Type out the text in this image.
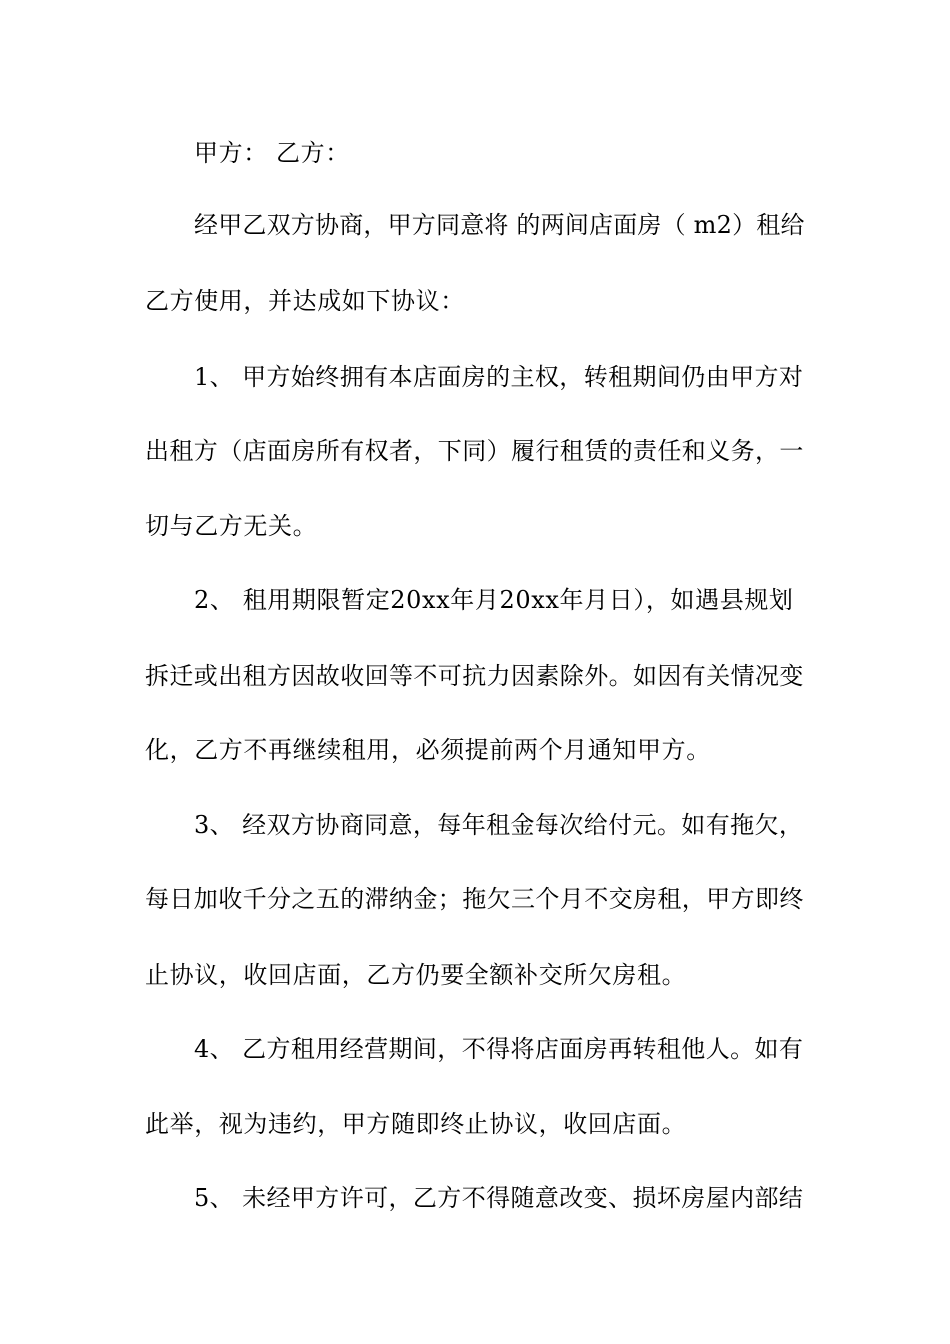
甲方： 乙方：
经甲乙双方协商，甲方同意将 的两间店面房（ m2）租给
乙方使用，并达成如下协议：
1、 甲方始终拥有本店面房的主权，转租期间仍由甲方对
出租方（店面房所有权者，下同）履行租赁的责任和义务，一
切与乙方无关。
2、 租用期限暂定20xx年月20xx年月日），如遇县规划
拆迁或出租方因故收回等不可抗力因素除外。如因有关情况变
化，乙方不再继续租用，必须提前两个月通知甲方。
3、 经双方协商同意，每年租金每次给付元。如有拖欠，
每日加收千分之五的滞纳金；拖欠三个月不交房租，甲方即终
止协议，收回店面，乙方仍要全额补交所欠房租。
4、 乙方租用经营期间，不得将店面房再转租他人。如有
此举，视为违约，甲方随即终止协议，收回店面。
5、 未经甲方许可，乙方不得随意改变、损坏房屋内部结
